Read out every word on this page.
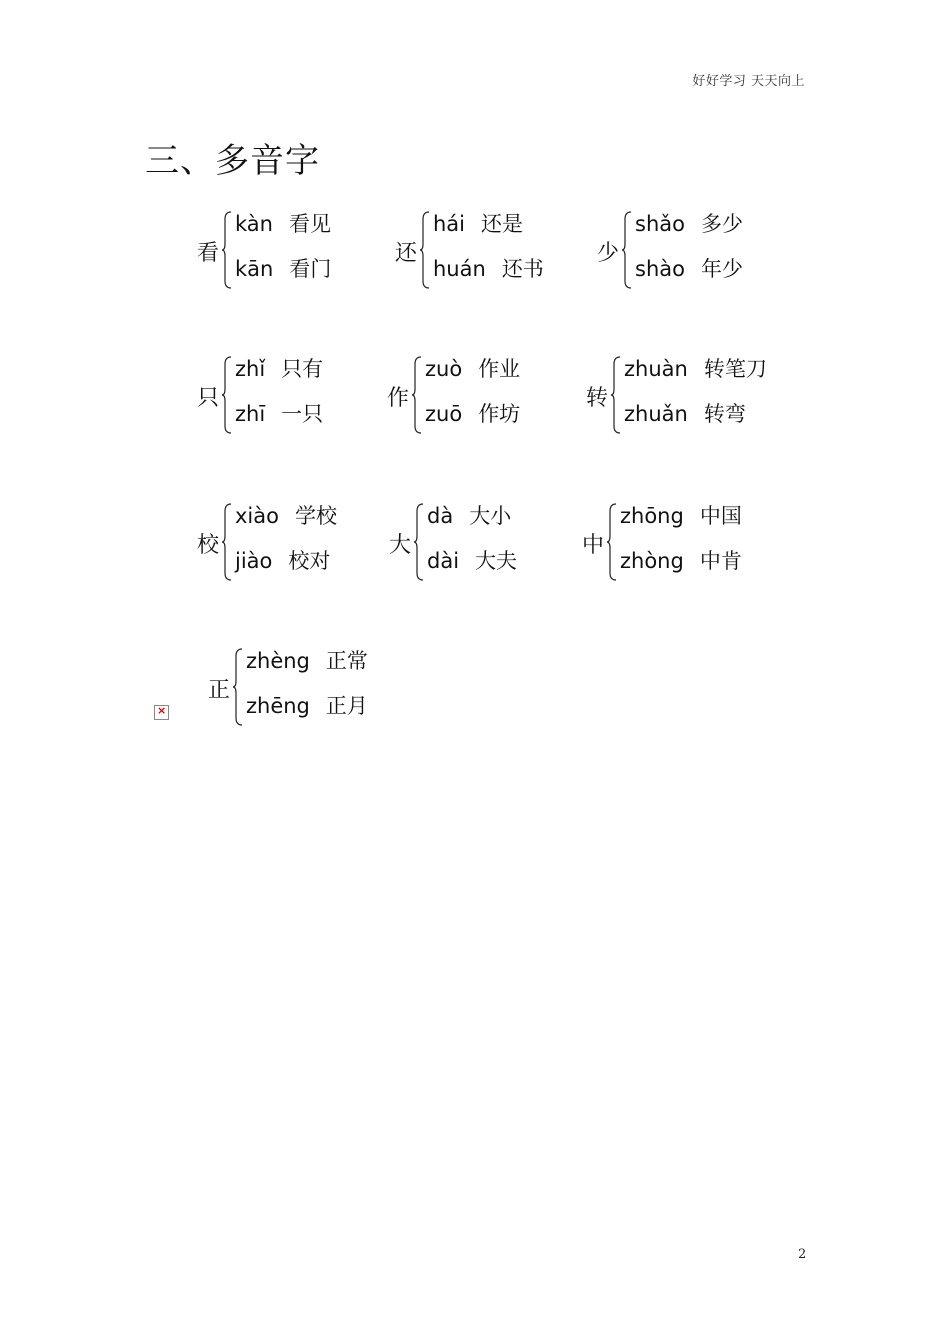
好好学习 天天向上
三、多音字
看
kàn 看见
kān 看门
还
hái 还是
huán 还书
少
shǎo 多少
shào 年少
只
zhǐ 只有
zhī 一只
作
zuò 作业
zuō 作坊
转
zhuàn 转笔刀
zhuǎn 转弯
校
xiào 学校
jiào 校对
大
dà 大小
dài 大夫
中
zhōng 中国
zhòng 中肯
正
zhèng 正常
zhēng 正月
×
2
